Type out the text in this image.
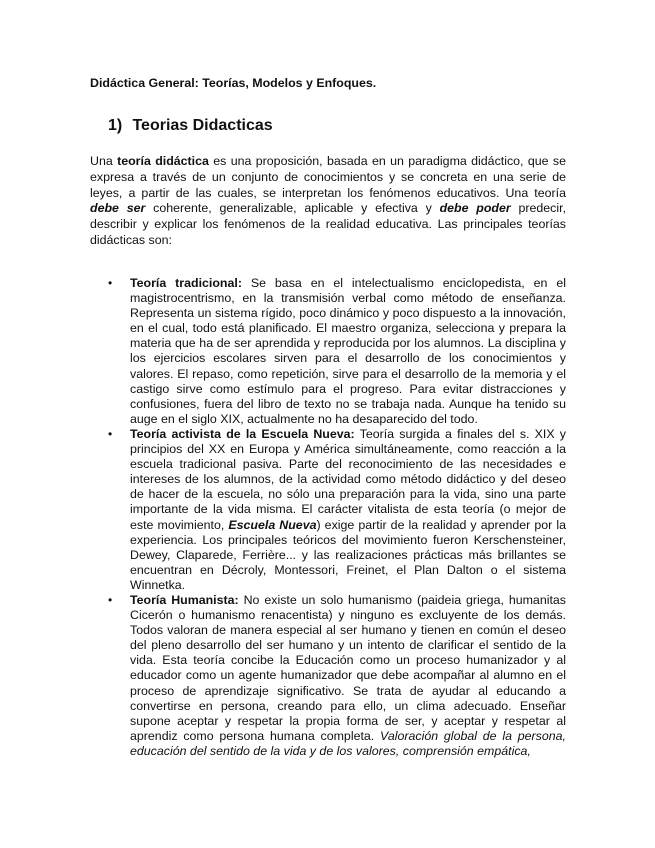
Didáctica General: Teorías, Modelos y Enfoques.
1) Teorias Didacticas

Una teoría didáctica es una proposición, basada en un paradigma didáctico, que se expresa a través de un conjunto de conocimientos y se concreta en una serie de leyes, a partir de las cuales, se interpretan los fenómenos educativos. Una teoría debe ser coherente, generalizable, aplicable y efectiva y debe poder predecir, describir y explicar los fenómenos de la realidad educativa. Las principales teorías didácticas son:

•	Teoría tradicional: Se basa en el intelectualismo enciclopedista, en el magistrocentrismo, en la transmisión verbal como método de enseñanza. Representa un sistema rígido, poco dinámico y poco dispuesto a la innovación, en el cual, todo está planificado. El maestro organiza, selecciona y prepara la materia que ha de ser aprendida y reproducida por los alumnos. La disciplina y los ejercicios escolares sirven para el desarrollo de los conocimientos y valores. El repaso, como repetición, sirve para el desarrollo de la memoria y el castigo sirve como estímulo para el progreso. Para evitar distracciones y confusiones, fuera del libro de texto no se trabaja nada. Aunque ha tenido su auge en el siglo XIX, actualmente no ha desaparecido del todo.
•	Teoría activista de la Escuela Nueva: Teoría surgida a finales del s. XIX y principios del XX en Europa y América simultáneamente, como reacción a la escuela tradicional pasiva. Parte del reconocimiento de las necesidades e intereses de los alumnos, de la actividad como método didáctico y del deseo de hacer de la escuela, no sólo una preparación para la vida, sino una parte importante de la vida misma. El carácter vitalista de esta teoría (o mejor de este movimiento, Escuela Nueva) exige partir de la realidad y aprender por la experiencia. Los principales teóricos del movimiento fueron Kerschensteiner, Dewey, Claparede, Ferrière... y las realizaciones prácticas más brillantes se encuentran en Décroly, Montessori, Freinet, el Plan Dalton o el sistema Winnetka.
•	Teoría Humanista: No existe un solo humanismo (paideia griega, humanitas Cicerón o humanismo renacentista) y ninguno es excluyente de los demás. Todos valoran de manera especial al ser humano y tienen en común el deseo del pleno desarrollo del ser humano y un intento de clarificar el sentido de la vida. Esta teoría concibe la Educación como un proceso humanizador y al educador como un agente humanizador que debe acompañar al alumno en el proceso de aprendizaje significativo. Se trata de ayudar al educando a convertirse en persona, creando para ello, un clima adecuado. Enseñar supone aceptar y respetar la propia forma de ser, y aceptar y respetar al aprendiz como persona humana completa. Valoración global de la persona, educación del sentido de la vida y de los valores, comprensión empática,
